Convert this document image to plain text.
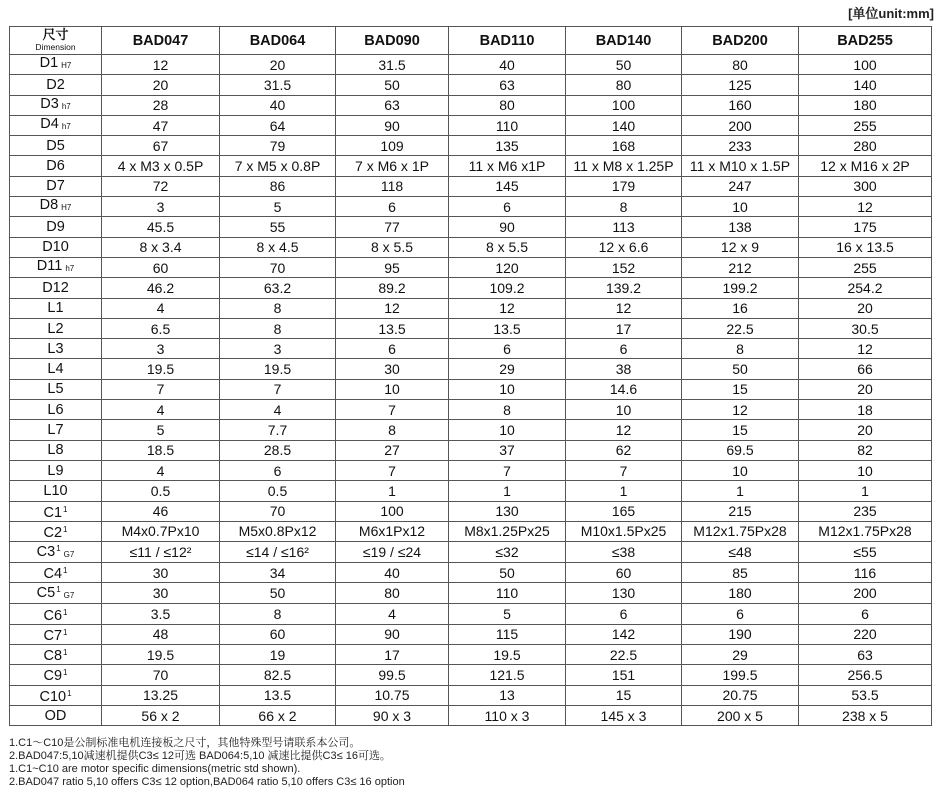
[单位unit:mm]
尺寸
Dimension	BAD047	BAD064	BAD090	BAD110	BAD140	BAD200	BAD255
D1 H7	12	20	31.5	40	50	80	100
D2	20	31.5	50	63	80	125	140
D3 h7	28	40	63	80	100	160	180
D4 h7	47	64	90	110	140	200	255
D5	67	79	109	135	168	233	280
D6	4 x M3 x 0.5P	7 x M5 x 0.8P	7 x M6 x 1P	11 x M6 x1P	11 x M8 x 1.25P	11 x M10 x 1.5P	12 x M16 x 2P
D7	72	86	118	145	179	247	300
D8 H7	3	5	6	6	8	10	12
D9	45.5	55	77	90	113	138	175
D10	8 x 3.4	8 x 4.5	8 x 5.5	8 x 5.5	12 x 6.6	12 x 9	16 x 13.5
D11 h7	60	70	95	120	152	212	255
D12	46.2	63.2	89.2	109.2	139.2	199.2	254.2
L1	4	8	12	12	12	16	20
L2	6.5	8	13.5	13.5	17	22.5	30.5
L3	3	3	6	6	6	8	12
L4	19.5	19.5	30	29	38	50	66
L5	7	7	10	10	14.6	15	20
L6	4	4	7	8	10	12	18
L7	5	7.7	8	10	12	15	20
L8	18.5	28.5	27	37	62	69.5	82
L9	4	6	7	7	7	10	10
L10	0.5	0.5	1	1	1	1	1
$C1^1$	46	70	100	130	165	215	235
$C2^1$	M4x0.7Px10	M5x0.8Px12	M6x1Px12	M8x1.25Px25	M10x1.5Px25	M12x1.75Px28	M12x1.75Px28
$C3^1G7$	≤11 / ≤12²	≤14 / ≤16²	≤19 / ≤24	≤32	≤38	≤48	≤55
$C4^1$	30	34	40	50	60	85	116
$C5^1G7$	30	50	80	110	130	180	200
$C6^1$	3.5	8	4	5	6	6	6
$C7^1$	48	60	90	115	142	190	220
$C8^1$	19.5	19	17	19.5	22.5	29	63
$C9^1$	70	82.5	99.5	121.5	151	199.5	256.5
$C10^1$	13.25	13.5	10.75	13	15	20.75	53.5
OD	56 x 2	66 x 2	90 x 3	110 x 3	145 x 3	200 x 5	238 x 5
1.C1～C10是公制标准电机连接板之尺寸，其他特殊型号请联系本公司。
2.BAD047:5,10减速机提供C3≤ 12可选 BAD064:5,10 减速比提供C3≤ 16可选。
1.C1~C10 are motor specific dimensions(metric std shown).
2.BAD047 ratio 5,10 offers C3≤ 12 option,BAD064 ratio 5,10 offers C3≤ 16 option
